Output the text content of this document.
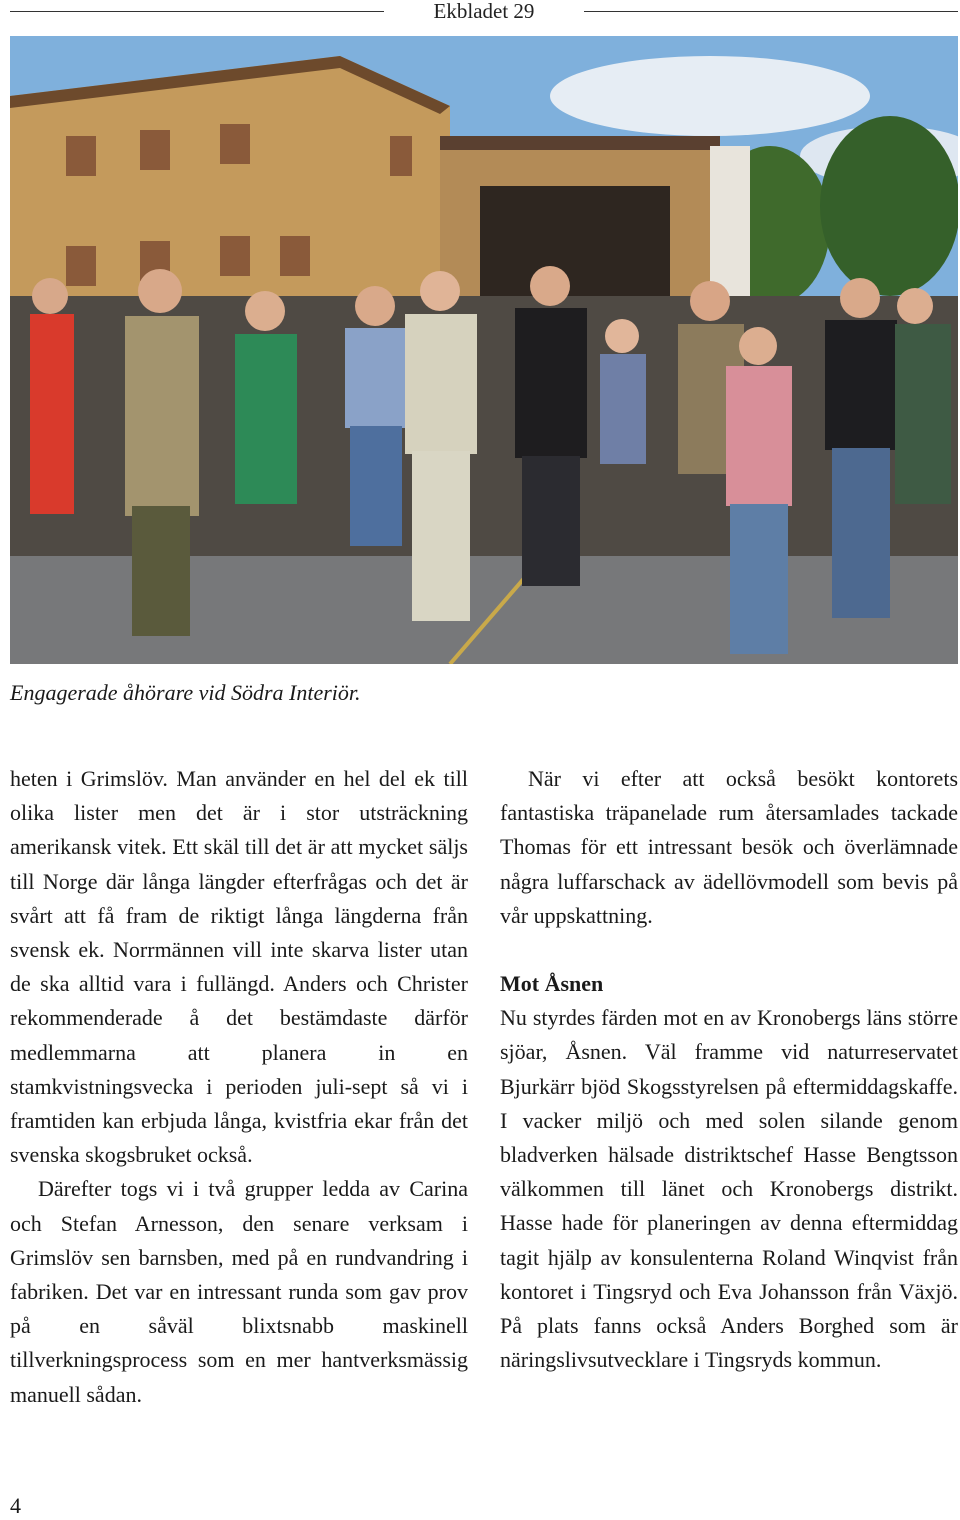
Ekbladet 29
Engagerade åhörare vid Södra Interiör.

heten i Grimslöv. Man använder en hel del ek till olika lister men det är i stor utsträckning amerikansk vitek. Ett skäl till det är att mycket säljs till Norge där långa längder efterfrågas och det är svårt att få fram de riktigt långa längderna från svensk ek. Norrmännen vill inte skarva lister utan de ska alltid vara i fullängd. Anders och Christer rekommenderade å det bestämdaste därför medlemmarna att planera in en stamkvistningsvecka i perioden juli-sept så vi i framtiden kan erbjuda långa, kvistfria ekar från det svenska skogsbruket också.

Därefter togs vi i två grupper ledda av Carina och Stefan Arnesson, den senare verksam i Grimslöv sen barnsben, med på en rundvandring i fabriken. Det var en intressant runda som gav prov på en såväl blixtsnabb maskinell tillverkningsprocess som en mer hantverksmässig manuell sådan.

När vi efter att också besökt kontorets fantastiska träpanelade rum återsamlades tackade Thomas för ett intressant besök och överlämnade några luffarschack av ädellövmodell som bevis på vår uppskattning.

Mot Åsnen

Nu styrdes färden mot en av Kronobergs läns större sjöar, Åsnen. Väl framme vid naturreservatet Bjurkärr bjöd Skogsstyrelsen på eftermiddagskaffe. I vacker miljö och med solen silande genom bladverken hälsade distriktschef Hasse Bengtsson välkommen till länet och Kronobergs distrikt. Hasse hade för planeringen av denna eftermiddag tagit hjälp av konsulenterna Roland Winqvist från kontoret i Tingsryd och Eva Johansson från Växjö. På plats fanns också Anders Borghed som är näringslivsutvecklare i Tingsryds kommun.

4
